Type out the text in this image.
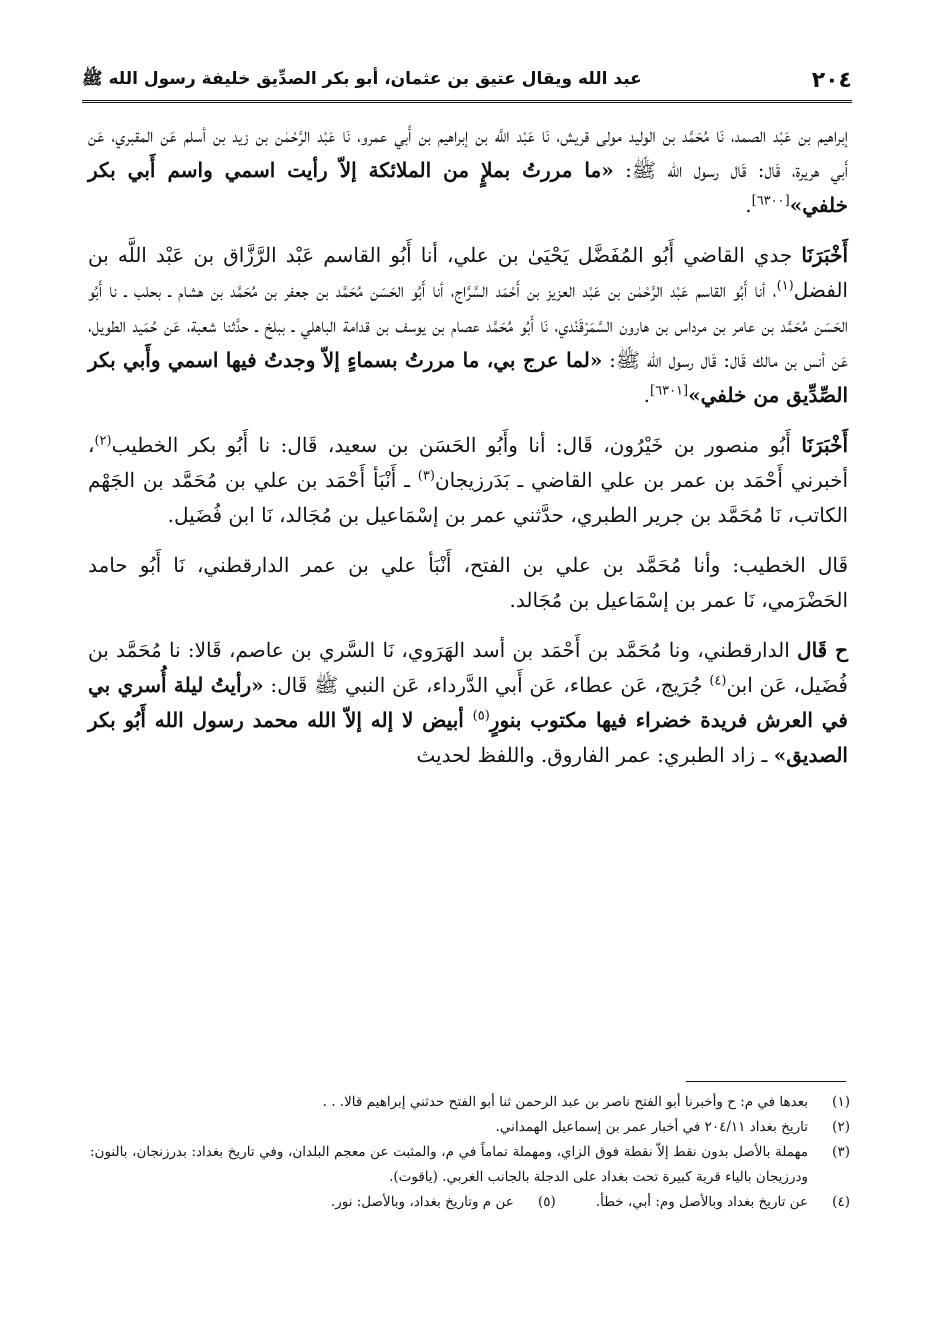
٢٠٤
عبد الله ويقال عتيق بن عثمان، أبو بكر الصدِّيق خليفة رسول الله ﷺ

إبراهيم بن عَبْد الصمد، نَا مُحَمَّد بن الوليد مولى قريش، نَا عَبْد اللَّه بن إبراهيم بن أَبي عمرو، نَا عَبْد الرَّحْمٰن بن زيد بن أسلم عَن المقبري، عَن أَبي هريرة، قَال: قَال رسول الله ﷺ: «ما مررتُ بملإٍ من الملائكة إلاّ رأيت اسمي واسم أَبي بكر خلفي»[٦٣٠٠].

أَخْبَرَنَا جدي القاضي أَبُو المُفَضَّل يَحْيَىٰ بن علي، أنا أَبُو القاسم عَبْد الرَّزَّاق بن عَبْد اللَّه بن الفضل$^{(١)}$، أنا أَبُو القاسم عَبْد الرَّحْمٰن بن عَبْد العزيز بن أَحْمَد السَّرَّاج، أنا أَبُو الحَسَن مُحَمَّد بن جعفر بن مُحَمَّد بن هشام ـ بحلب ـ نا أَبُو الحَسَن مُحَمَّد بن عامر بن مرداس بن هارون السَّمَرْقَنْدي، نَا أَبُو مُحَمَّد عصام بن يوسف بن قدامة الباهلي ـ ببلخ ـ حدَّثنا شعبة، عَن حُمَيد الطويل، عَن أنس بن مالك قَال: قَال رسول الله ﷺ: «لما عرج بي، ما مررتُ بسماءٍ إلاّ وجدتُ فيها اسمي وأَبي بكر الصِّدِّيق من خلفي»[٦٣٠١].

أَخْبَرَنَا أَبُو منصور بن خَيْرُون، قَال: أنا وأَبُو الحَسَن بن سعيد، قَال: نا أَبُو بكر الخطيب$^{(٢)}$، أخبرني أَحْمَد بن عمر بن علي القاضي ـ بَدَرزيجان$^{(٣)}$ ـ أَنْبَأ أَحْمَد بن علي بن مُحَمَّد بن الجَهْم الكاتب، نَا مُحَمَّد بن جرير الطبري، حدَّثني عمر بن إسْمَاعيل بن مُجَالد، نَا ابن فُضَيل.

قَال الخطيب: وأنا مُحَمَّد بن علي بن الفتح، أَنْبَأ علي بن عمر الدارقطني، نَا أَبُو حامد الحَضْرَمي، نَا عمر بن إسْمَاعيل بن مُجَالد.

ح قَال الدارقطني، ونا مُحَمَّد بن أَحْمَد بن أسد الهَرَوي، نَا السَّري بن عاصم، قَالا: نا مُحَمَّد بن فُضَيل، عَن ابن$^{(٤)}$ جُرَيج، عَن عطاء، عَن أَبي الدَّرداء، عَن النبي ﷺ قَال: «رأيتُ ليلة أُسري بي في العرش فريدة خضراء فيها مكتوب بنورٍ$^{(٥)}$ أبيض لا إله إلاّ الله محمد رسول الله أَبُو بكر الصديق» ـ زاد الطبري: عمر الفاروق. واللفظ لحديث

(١)
بعدها في م: ح وأخبرنا أبو الفتح ناصر بن عبد الرحمن ثنا أبو الفتح حدثني إبراهيم قالا. . .
(٢)
تاريخ بغداد ٢٠٤/١١ في أخبار عمر بن إسماعيل الهمداني.
(٣)
مهملة بالأصل بدون نقط إلاّ نقطة فوق الزاي، ومهملة تماماً في م، والمثبت عن معجم البلدان، وفي تاريخ بغداد: بدرزنجان، بالنون: ودرزيجان بالياء قرية كبيرة تحت بغداد على الدجلة بالجانب الغربي. (ياقوت).
(٤)
عن تاريخ بغداد وبالأصل وم: أبي، خطأ.
(٥)
عن م وتاريخ بغداد، وبالأصل: نور.
